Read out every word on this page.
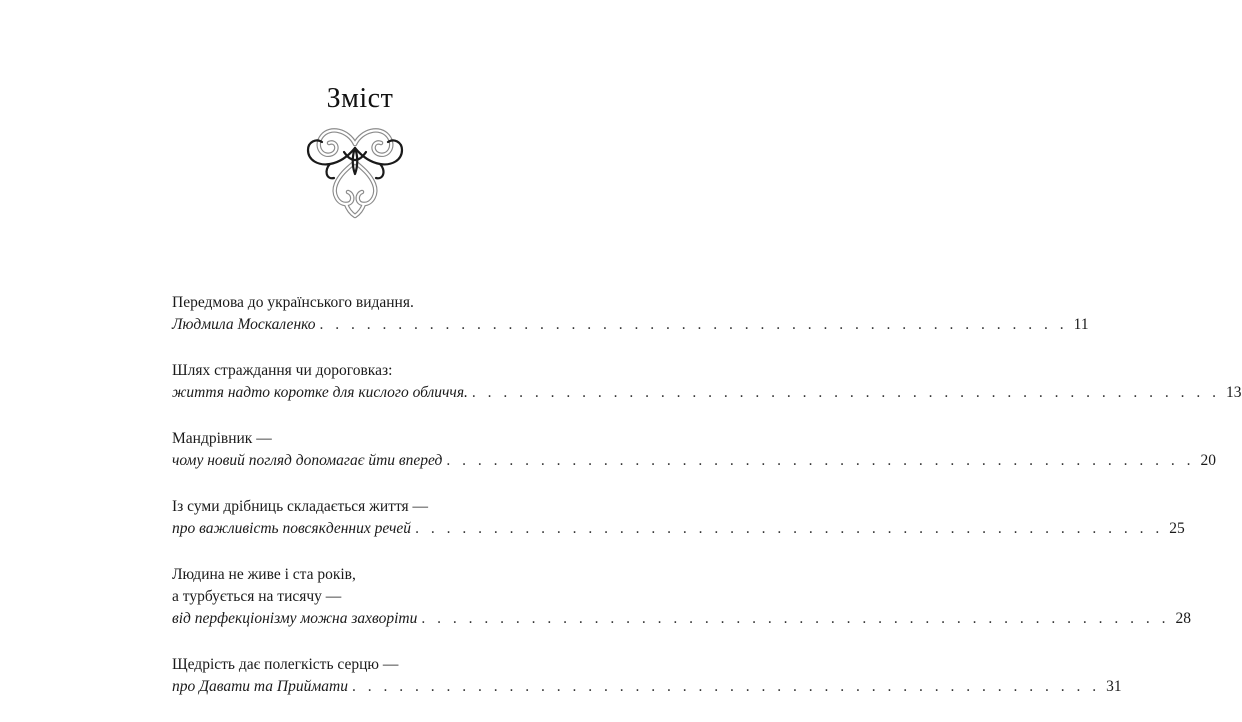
Зміст
Передмова до українського видання.
Людмила Москаленко . . . . . . . . . . . . . . . . . . . . . . . . . . . . . . . . . . . . . . . . . . . . . . . . 11
Шлях страждання чи дороговказ:
життя надто коротке для кислого обличчя. . . . . . . . . . . . . . . . . . . . . . . . . . . . . . . . . . . . . . . . . . . . . . . . . 13
Мандрівник —
чому новий погляд допомагає йти вперед . . . . . . . . . . . . . . . . . . . . . . . . . . . . . . . . . . . . . . . . . . . . . . . . 20
Із суми дрібниць складається життя —
про важливість повсякденних речей . . . . . . . . . . . . . . . . . . . . . . . . . . . . . . . . . . . . . . . . . . . . . . . . 25
Людина не живе і ста років,
а турбується на тисячу —
від перфекціонізму можна захворіти . . . . . . . . . . . . . . . . . . . . . . . . . . . . . . . . . . . . . . . . . . . . . . . . 28
Щедрість дає полегкість серцю —
про Давати та Приймати . . . . . . . . . . . . . . . . . . . . . . . . . . . . . . . . . . . . . . . . . . . . . . . . 31
